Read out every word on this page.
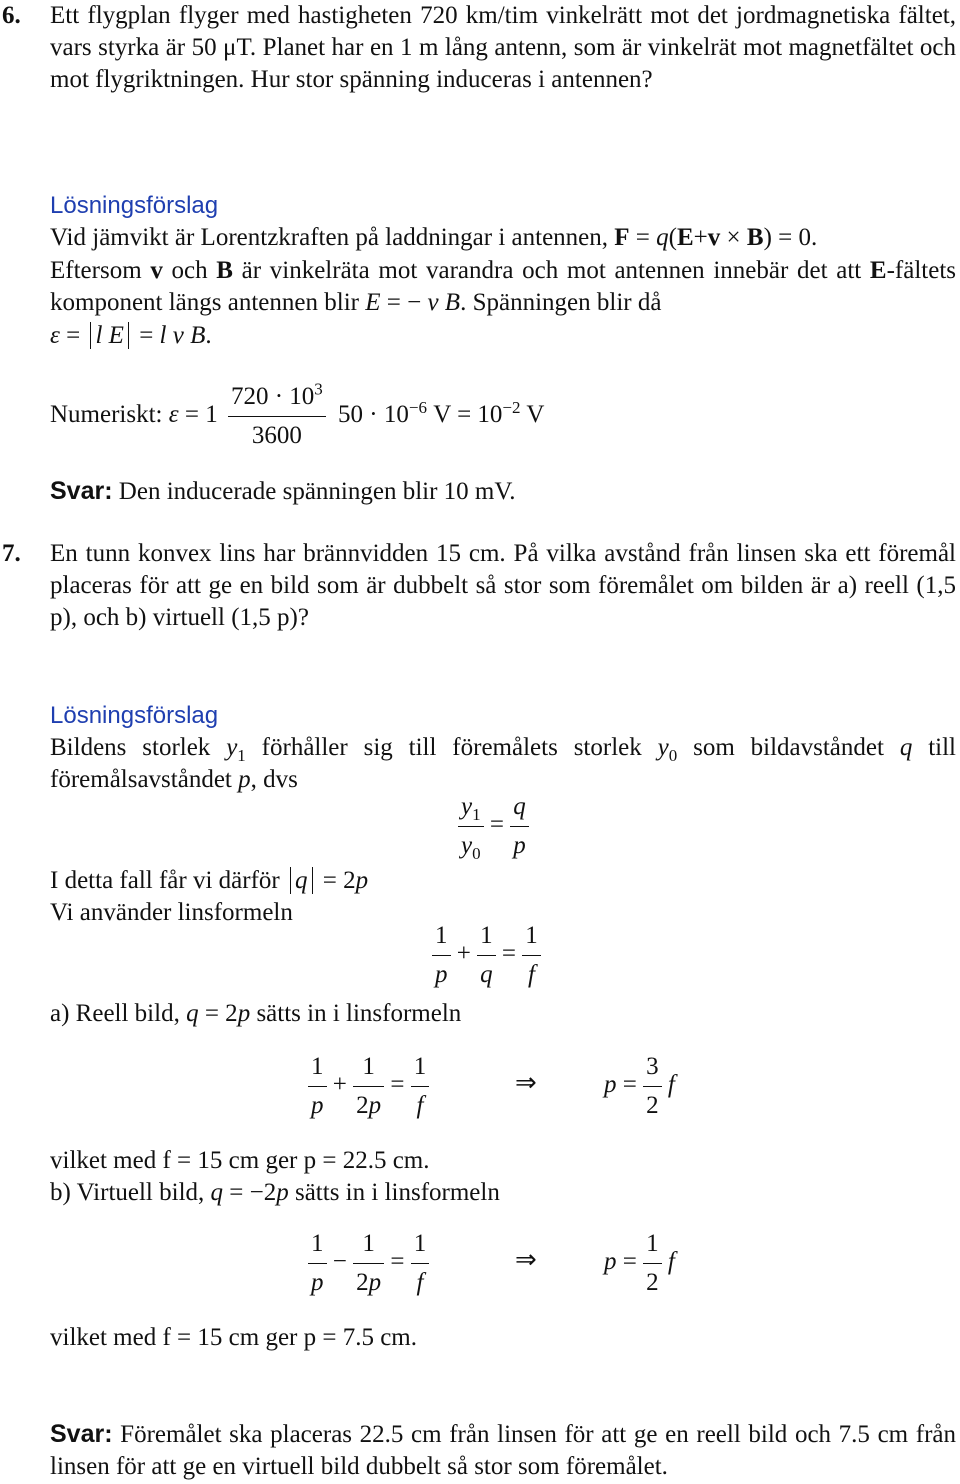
6. Ett flygplan flyger med hastigheten 720 km/tim vinkelrätt mot det jordmagnetiska fältet, vars styrka är 50 μT. Planet har en 1 m lång antenn, som är vinkelrät mot magnetfältet och mot flygriktningen. Hur stor spänning induceras i antennen?
Lösningsförslag
Vid jämvikt är Lorentzkraften på laddningar i antennen, F = q(E+v × B) = 0.
Eftersom v och B är vinkelräta mot varandra och mot antennen innebär det att E-fältets komponent längs antennen blir E = − v B. Spänningen blir då
ε = l E = l v B.
Numeriskt: $\varepsilon = 1 \frac{720 \cdot 10^3}{3600} 50 \cdot 10^{-6}$ $V = 10^{-2}$ V
Svar: Den inducerade spänningen blir 10 mV.
7. En tunn konvex lins har brännvidden 15 cm. På vilka avstånd från linsen ska ett föremål placeras för att ge en bild som är dubbelt så stor som föremålet om bilden är a) reell (1,5 p), och b) virtuell (1,5 p)?
Lösningsförslag
Bildens storlek $y_1$ förhåller sig till föremålets storlek $y_0$ som bildavståndet q till föremålsavståndet p, dvs
$\frac{y_1}{y_0} = \frac{q}{p}$
I detta fall får vi därför q = 2p
Vi använder linsformeln
$\frac{1}{p} + \frac{1}{q} = \frac{1}{f}$
a) Reell bild, q = 2p sätts in i linsformeln
$\frac{1}{p} + \frac{1}{2p} = \frac{1}{f}$	⇒	$p = \frac{3}{2}$ f
vilket med f = 15 cm ger p = 22.5 cm.
b) Virtuell bild, q = −2p sätts in i linsformeln
$\frac{1}{p} - \frac{1}{2p} = \frac{1}{f}$	⇒	$p = \frac{1}{2}$ f
vilket med f = 15 cm ger p = 7.5 cm.
Svar: Föremålet ska placeras 22.5 cm från linsen för att ge en reell bild och 7.5 cm från linsen för att ge en virtuell bild dubbelt så stor som föremålet.
